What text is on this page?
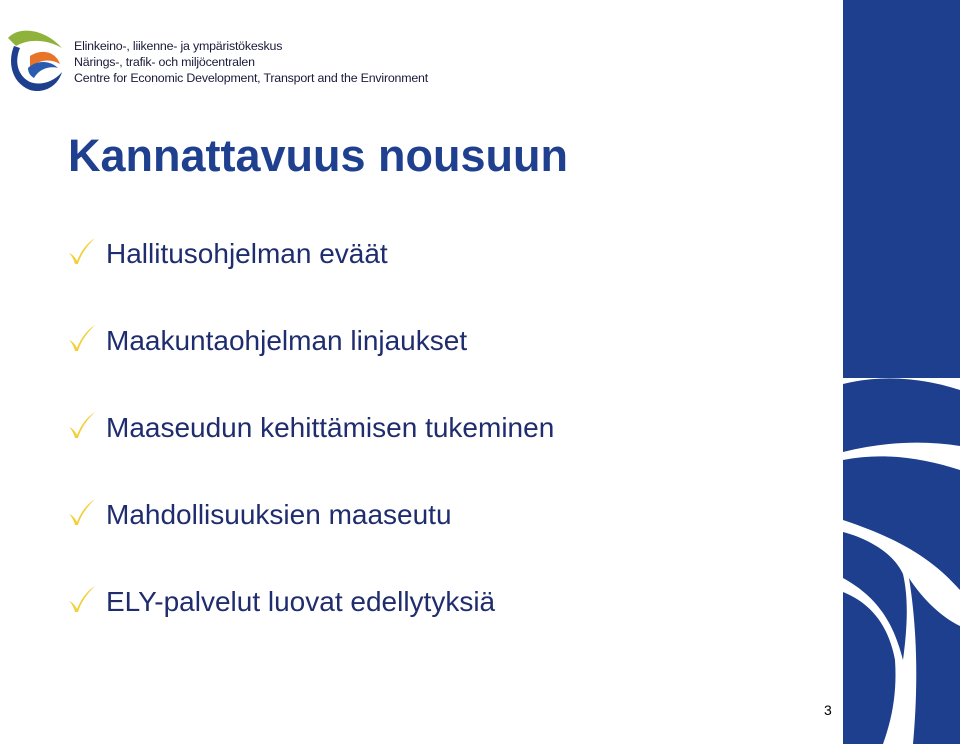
Elinkeino-, liikenne- ja ympäristökeskus
Närings-, trafik- och miljöcentralen
Centre for Economic Development, Transport and the Environment
Kannattavuus nousuun
Hallitusohjelman eväät
Maakuntaohjelman linjaukset
Maaseudun kehittämisen tukeminen
Mahdollisuuksien maaseutu
ELY-palvelut luovat edellytyksiä
3
